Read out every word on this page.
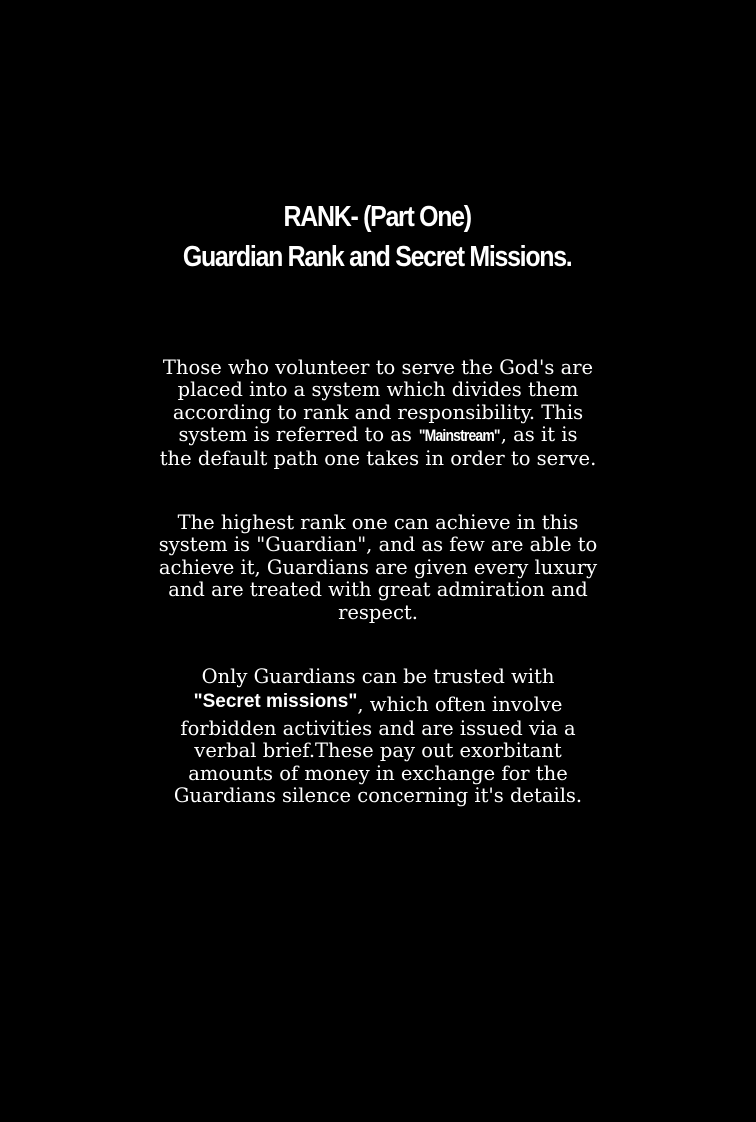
RANK- (Part One)
Guardian Rank and Secret Missions.
Those who volunteer to serve the God's are
placed into a system which divides them
according to rank and responsibility. This
system is referred to as "Mainstream", as it is
the default path one takes in order to serve.
The highest rank one can achieve in this
system is "Guardian", and as few are able to
achieve it, Guardians are given every luxury
and are treated with great admiration and
respect.
Only Guardians can be trusted with
"Secret missions", which often involve
forbidden activities and are issued via a
verbal brief.These pay out exorbitant
amounts of money in exchange for the
Guardians silence concerning it's details.
